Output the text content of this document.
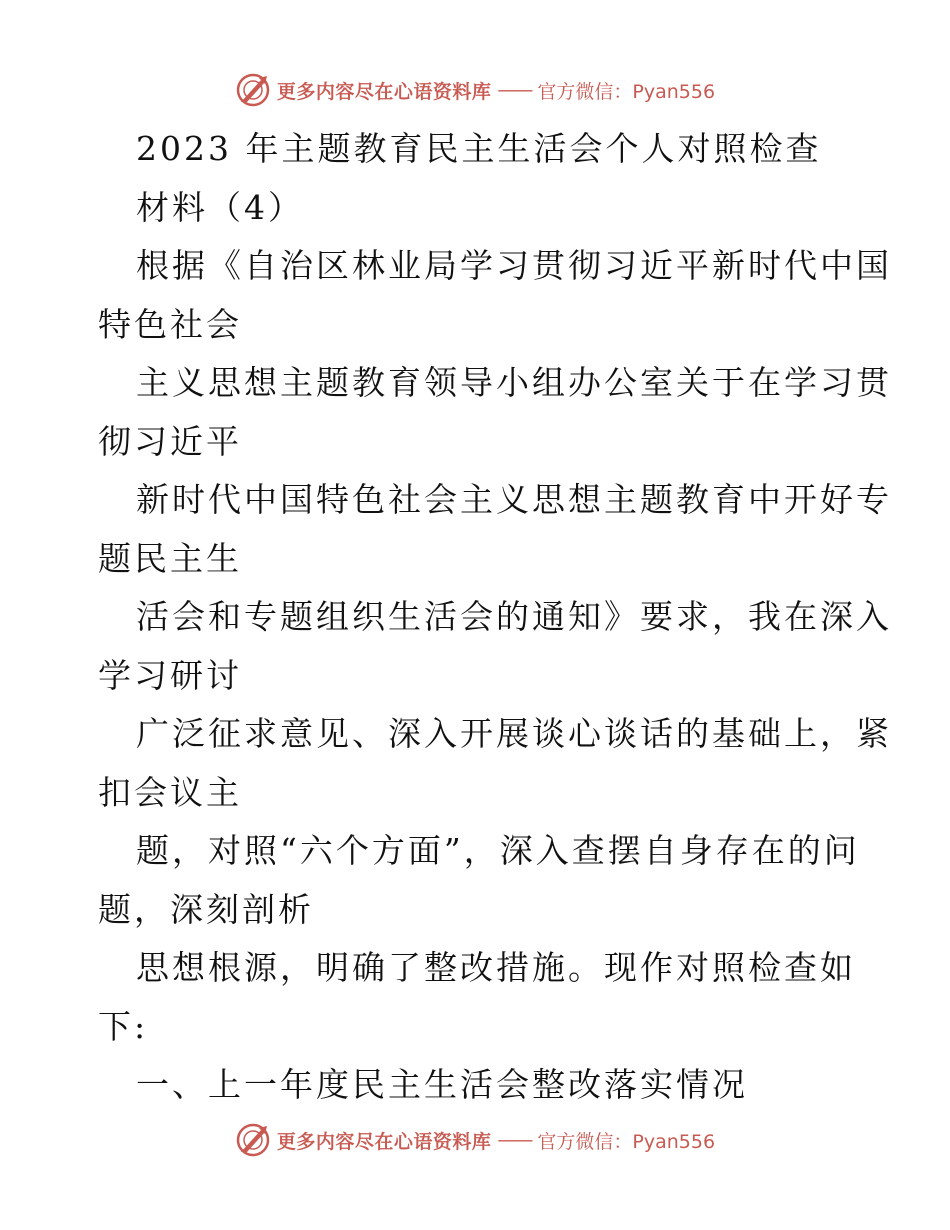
更多内容尽在心语资料库 —— 官方微信：Pyan556
2023 年主题教育民主生活会个人对照检查
材料（4）
根据《自治区林业局学习贯彻习近平新时代中国
特色社会
主义思想主题教育领导小组办公室关于在学习贯
彻习近平
新时代中国特色社会主义思想主题教育中开好专
题民主生
活会和专题组织生活会的通知》要求，我在深入
学习研讨
广泛征求意见、深入开展谈心谈话的基础上，紧
扣会议主
题，对照“六个方面”，深入查摆自身存在的问
题，深刻剖析
思想根源，明确了整改措施。现作对照检查如
下:
一、上一年度民主生活会整改落实情况
更多内容尽在心语资料库 —— 官方微信：Pyan556
